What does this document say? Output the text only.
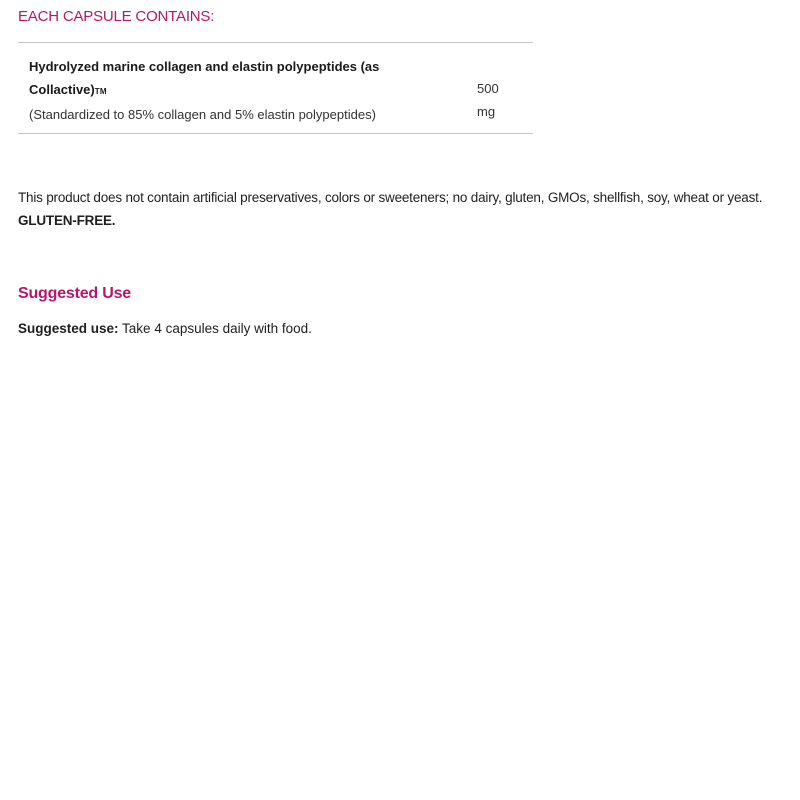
EACH CAPSULE CONTAINS:
Hydrolyzed marine collagen and elastin polypeptides (as Collactive)TM
(Standardized to 85% collagen and 5% elastin polypeptides)
500
mg

This product does not contain artificial preservatives, colors or sweeteners; no dairy, gluten, GMOs, shellfish, soy, wheat or yeast. GLUTEN-FREE.

Suggested Use

Suggested use: Take 4 capsules daily with food.
